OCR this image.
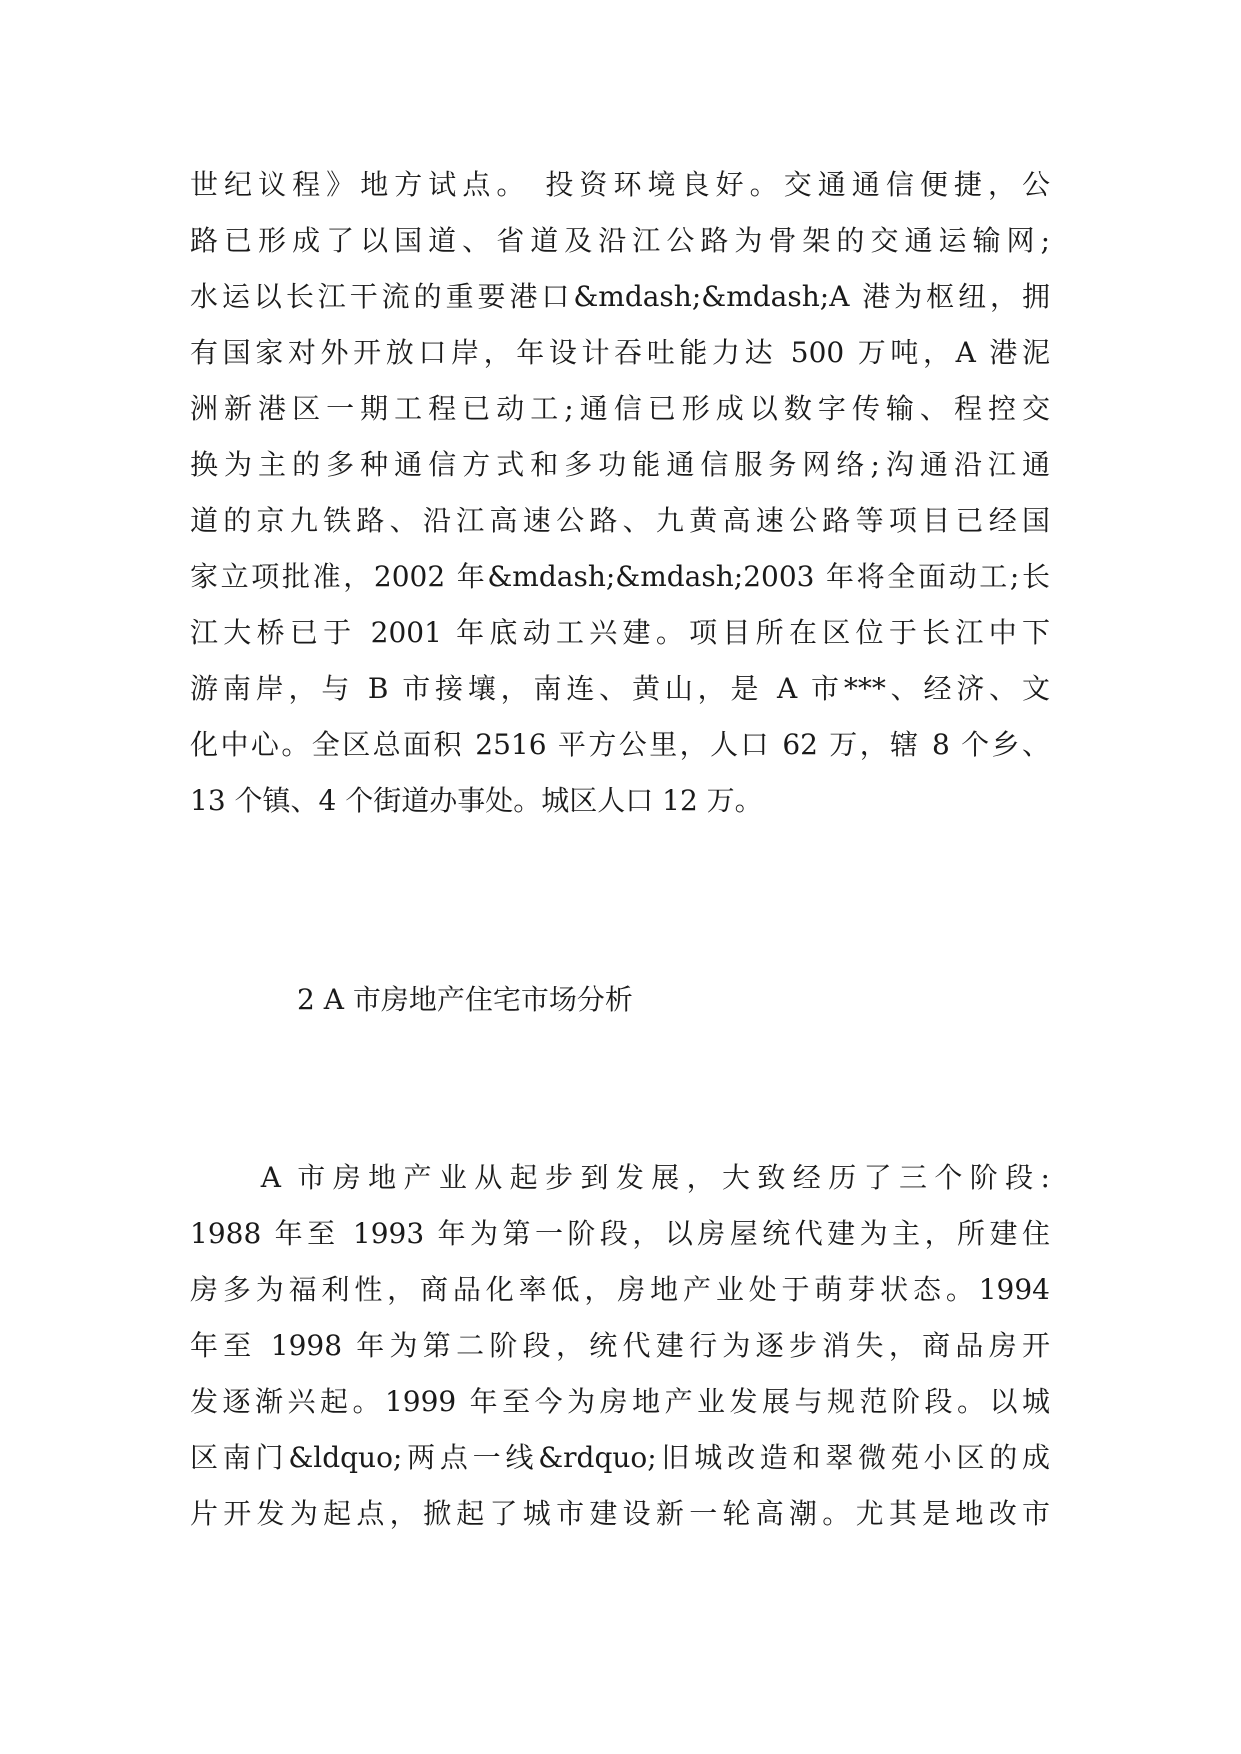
世纪议程》地方试点。 投资环境良好。交通通信便捷，公
路已形成了以国道、省道及沿江公路为骨架的交通运输网;
水运以长江干流的重要港口&mdash;&mdash;A 港为枢纽，拥
有国家对外开放口岸，年设计吞吐能力达 500 万吨，A 港泥
洲新港区一期工程已动工;通信已形成以数字传输、程控交
换为主的多种通信方式和多功能通信服务网络;沟通沿江通
道的京九铁路、沿江高速公路、九黄高速公路等项目已经国
家立项批准，2002 年&mdash;&mdash;2003 年将全面动工;长
江大桥已于 2001 年底动工兴建。项目所在区位于长江中下
游南岸，与 B 市接壤，南连、黄山，是 A 市***、经济、文
化中心。全区总面积 2516 平方公里，人口 62 万，辖 8 个乡、
13 个镇、4 个街道办事处。城区人口 12 万。
2 A 市房地产住宅市场分析
　　A 市房地产业从起步到发展，大致经历了三个阶段:
1988 年至 1993 年为第一阶段，以房屋统代建为主，所建住
房多为福利性，商品化率低，房地产业处于萌芽状态。1994
年至 1998 年为第二阶段，统代建行为逐步消失，商品房开
发逐渐兴起。1999 年至今为房地产业发展与规范阶段。以城
区南门&ldquo;两点一线&rdquo;旧城改造和翠微苑小区的成
片开发为起点，掀起了城市建设新一轮高潮。尤其是地改市
